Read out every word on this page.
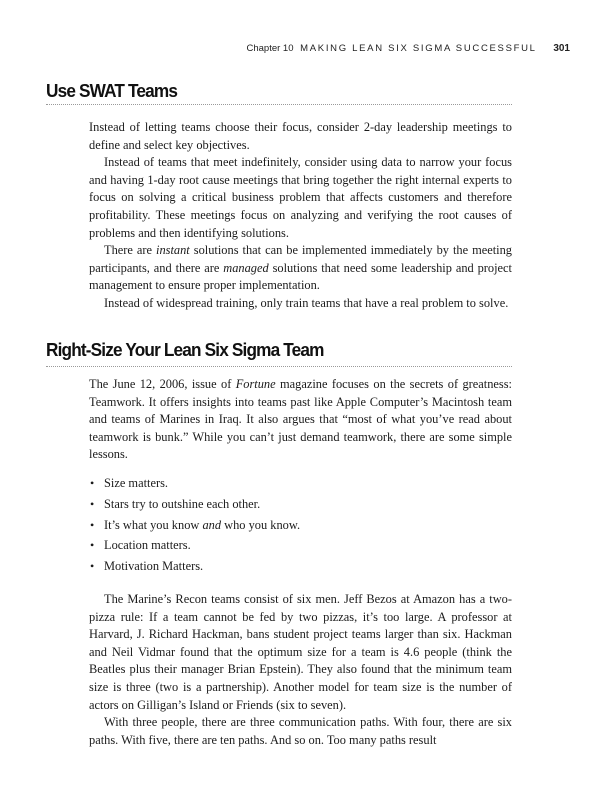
Chapter 10 MAKING LEAN SIX SIGMA SUCCESSFUL 301
Use SWAT Teams

Instead of letting teams choose their focus, consider 2-day leadership meetings to define and select key objectives.

Instead of teams that meet indefinitely, consider using data to narrow your focus and having 1-day root cause meetings that bring together the right internal experts to focus on solving a critical business problem that affects customers and therefore profitability. These meetings focus on analyzing and verifying the root causes of problems and then identifying solutions.

There are instant solutions that can be implemented immediately by the meeting participants, and there are managed solutions that need some leadership and project management to ensure proper implementation.

Instead of widespread training, only train teams that have a real problem to solve.

Right-Size Your Lean Six Sigma Team

The June 12, 2006, issue of Fortune magazine focuses on the secrets of greatness: Teamwork. It offers insights into teams past like Apple Computer’s Macintosh team and teams of Marines in Iraq. It also argues that “most of what you’ve read about teamwork is bunk.” While you can’t just demand teamwork, there are some simple lessons.

• Size matters.
• Stars try to outshine each other.
• It’s what you know and who you know.
• Location matters.
• Motivation Matters.

The Marine’s Recon teams consist of six men. Jeff Bezos at Amazon has a two-pizza rule: If a team cannot be fed by two pizzas, it’s too large. A professor at Harvard, J. Richard Hackman, bans student project teams larger than six. Hackman and Neil Vidmar found that the optimum size for a team is 4.6 people (think the Beatles plus their manager Brian Epstein). They also found that the minimum team size is three (two is a partnership). Another model for team size is the number of actors on Gilligan’s Island or Friends (six to seven).

With three people, there are three communication paths. With four, there are six paths. With five, there are ten paths. And so on. Too many paths result
